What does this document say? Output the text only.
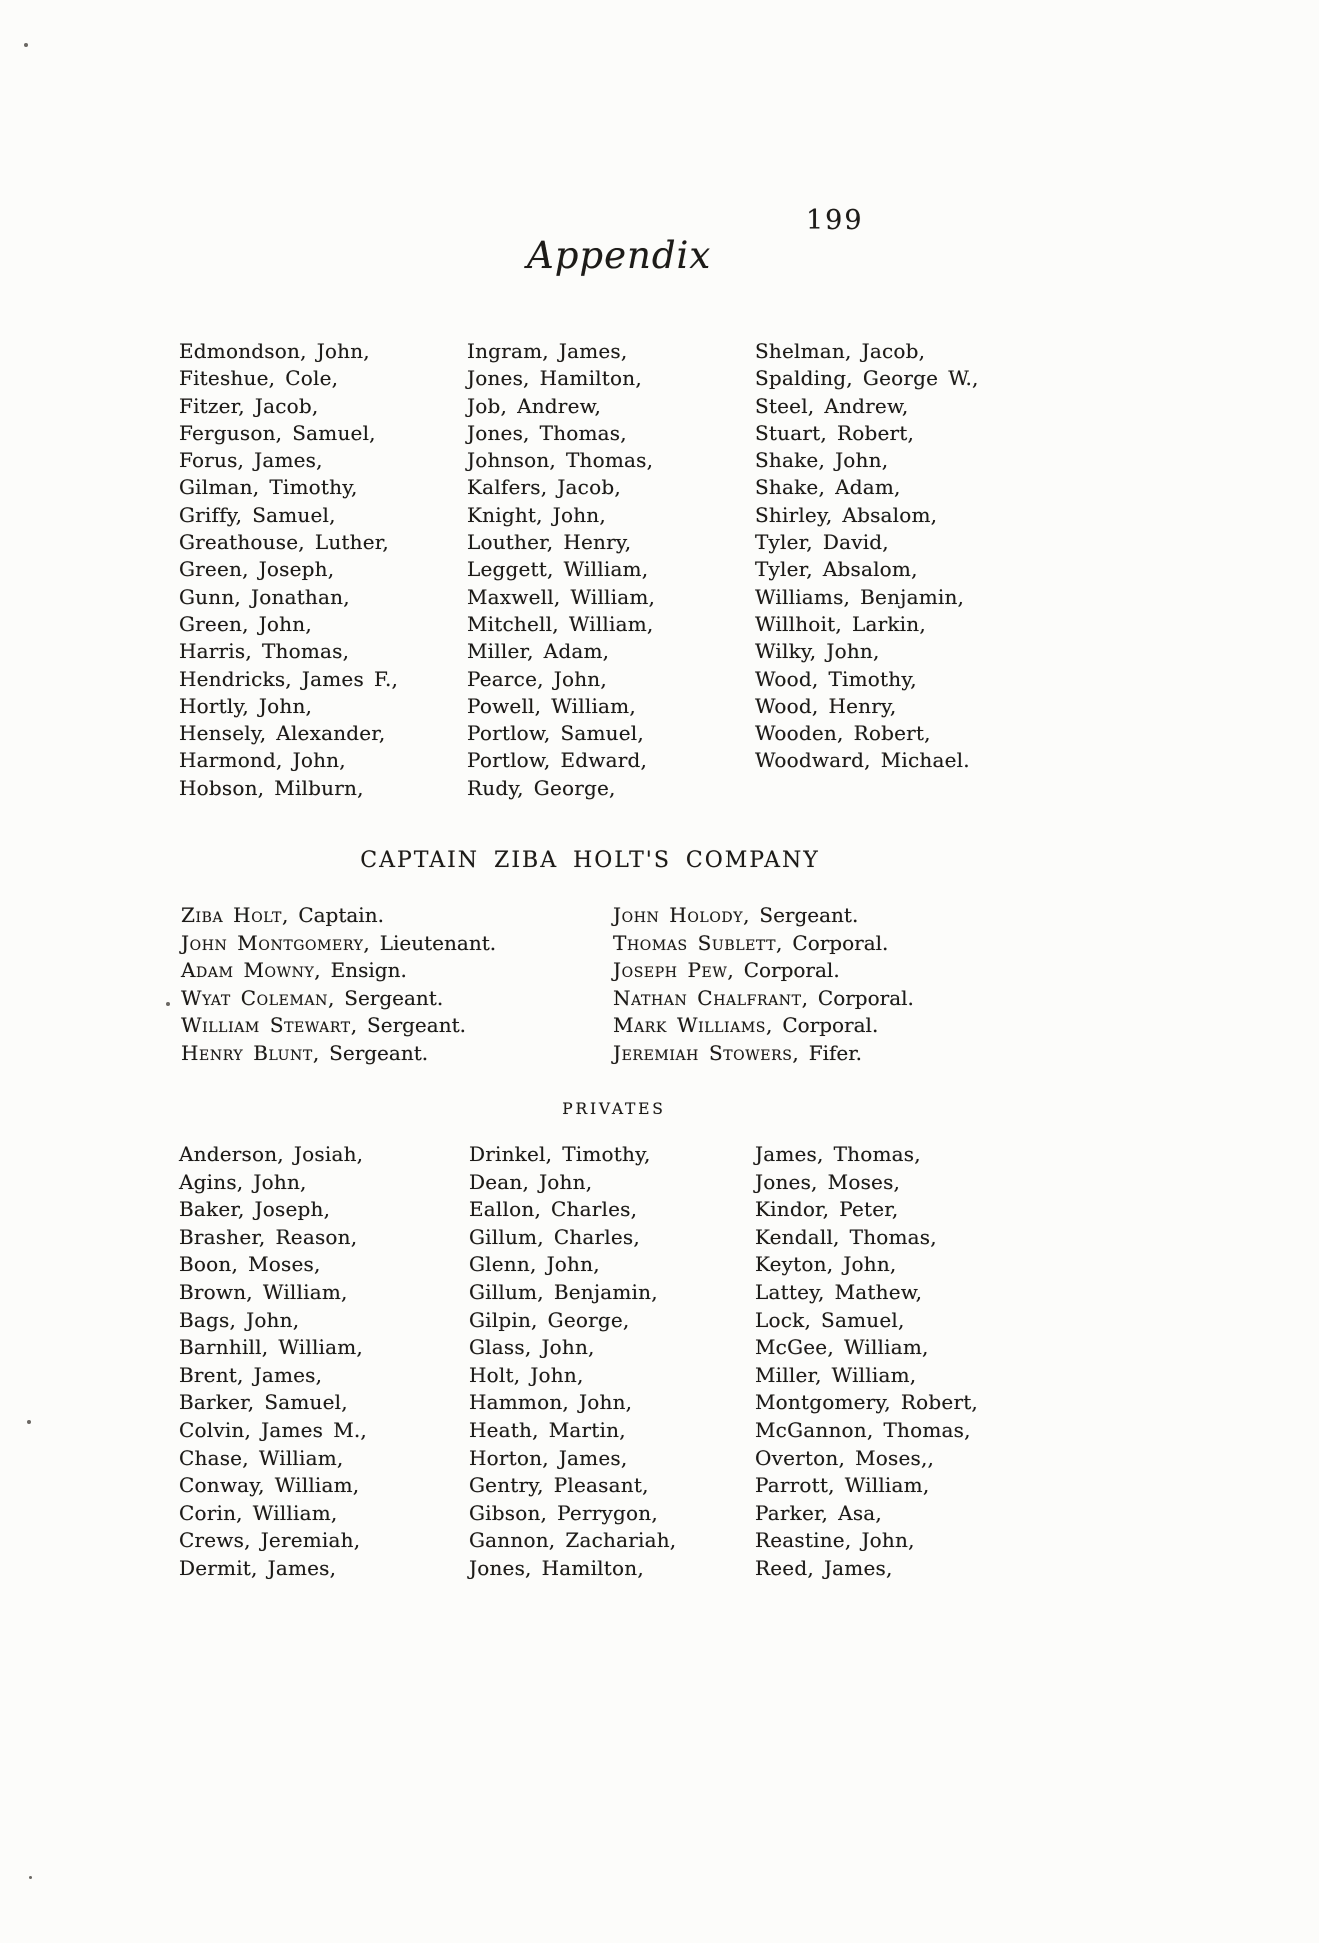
199
Appendix
Edmondson, John,
Fiteshue, Cole,
Fitzer, Jacob,
Ferguson, Samuel,
Forus, James,
Gilman, Timothy,
Griffy, Samuel,
Greathouse, Luther,
Green, Joseph,
Gunn, Jonathan,
Green, John,
Harris, Thomas,
Hendricks, James F.,
Hortly, John,
Hensely, Alexander,
Harmond, John,
Hobson, Milburn,
Ingram, James,
Jones, Hamilton,
Job, Andrew,
Jones, Thomas,
Johnson, Thomas,
Kalfers, Jacob,
Knight, John,
Louther, Henry,
Leggett, William,
Maxwell, William,
Mitchell, William,
Miller, Adam,
Pearce, John,
Powell, William,
Portlow, Samuel,
Portlow, Edward,
Rudy, George,
Shelman, Jacob,
Spalding, George W.,
Steel, Andrew,
Stuart, Robert,
Shake, John,
Shake, Adam,
Shirley, Absalom,
Tyler, David,
Tyler, Absalom,
Williams, Benjamin,
Willhoit, Larkin,
Wilky, John,
Wood, Timothy,
Wood, Henry,
Wooden, Robert,
Woodward, Michael.
CAPTAIN ZIBA HOLT'S COMPANY
Ziba Holt, Captain.
John Montgomery, Lieutenant.
Adam Mowny, Ensign.
Wyat Coleman, Sergeant.
William Stewart, Sergeant.
Henry Blunt, Sergeant.
John Holody, Sergeant.
Thomas Sublett, Corporal.
Joseph Pew, Corporal.
Nathan Chalfrant, Corporal.
Mark Williams, Corporal.
Jeremiah Stowers, Fifer.
PRIVATES
Anderson, Josiah,
Agins, John,
Baker, Joseph,
Brasher, Reason,
Boon, Moses,
Brown, William,
Bags, John,
Barnhill, William,
Brent, James,
Barker, Samuel,
Colvin, James M.,
Chase, William,
Conway, William,
Corin, William,
Crews, Jeremiah,
Dermit, James,
Drinkel, Timothy,
Dean, John,
Eallon, Charles,
Gillum, Charles,
Glenn, John,
Gillum, Benjamin,
Gilpin, George,
Glass, John,
Holt, John,
Hammon, John,
Heath, Martin,
Horton, James,
Gentry, Pleasant,
Gibson, Perrygon,
Gannon, Zachariah,
Jones, Hamilton,
James, Thomas,
Jones, Moses,
Kindor, Peter,
Kendall, Thomas,
Keyton, John,
Lattey, Mathew,
Lock, Samuel,
McGee, William,
Miller, William,
Montgomery, Robert,
McGannon, Thomas,
Overton, Moses,,
Parrott, William,
Parker, Asa,
Reastine, John,
Reed, James,
